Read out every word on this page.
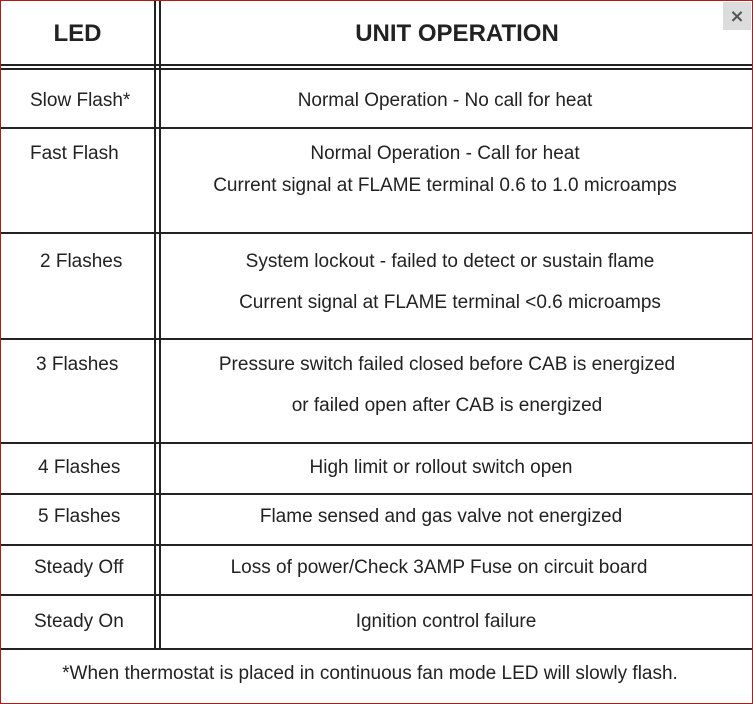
LED	UNIT OPERATION
×
Slow Flash*	Normal Operation - No call for heat
Fast Flash	Normal Operation - Call for heat
Current signal at FLAME terminal 0.6 to 1.0 microamps
2 Flashes	System lockout - failed to detect or sustain flame
Current signal at FLAME terminal <0.6 microamps
3 Flashes	Pressure switch failed closed before CAB is energized
or failed open after CAB is energized
4 Flashes	High limit or rollout switch open
5 Flashes	Flame sensed and gas valve not energized
Steady Off	Loss of power/Check 3AMP Fuse on circuit board
Steady On	Ignition control failure
*When thermostat is placed in continuous fan mode LED will slowly flash.
